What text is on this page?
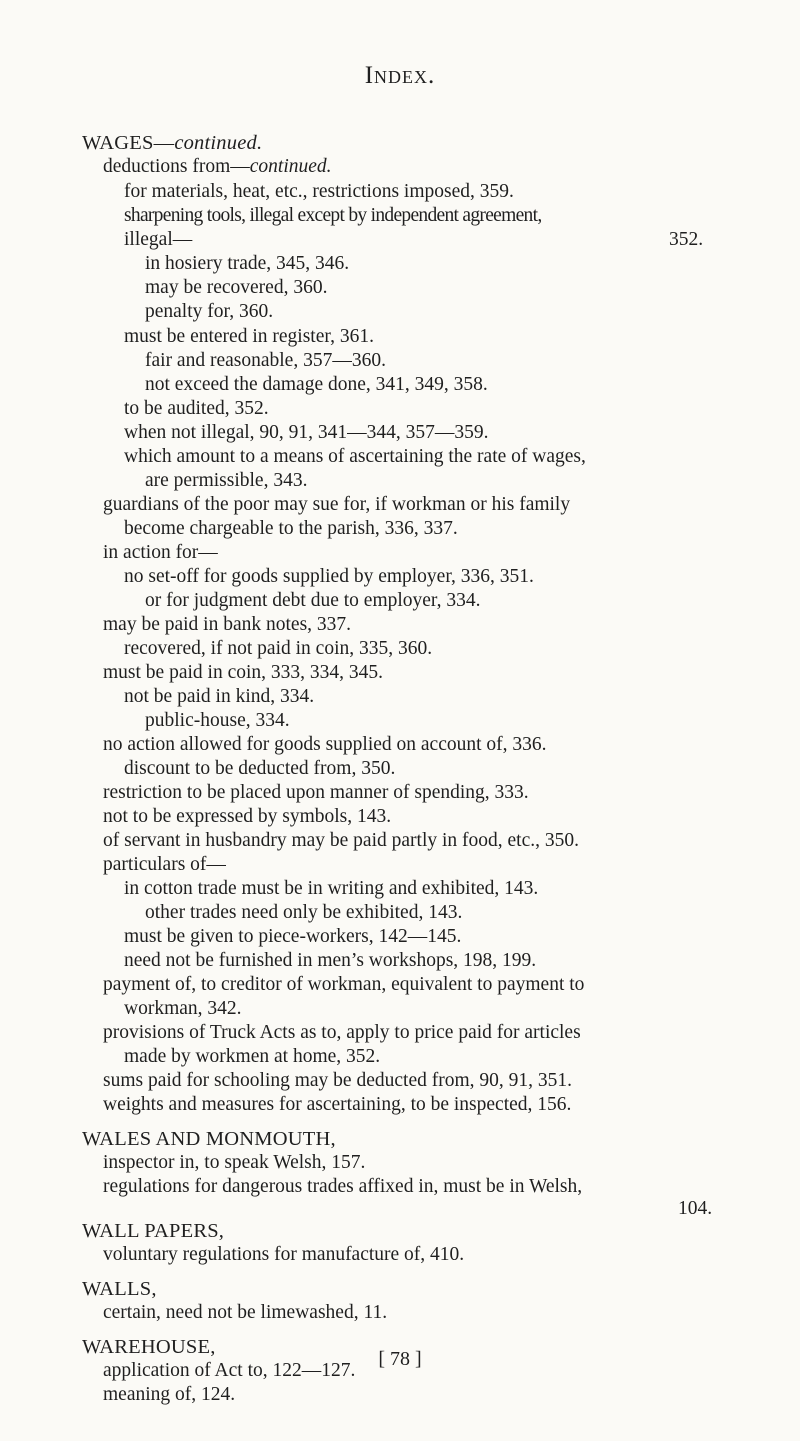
Index.
WAGES—continued.
deductions from—continued.
for materials, heat, etc., restrictions imposed, 359.
sharpening tools, illegal except by independent agreement,
illegal—	352.
in hosiery trade, 345, 346.
may be recovered, 360.
penalty for, 360.
must be entered in register, 361.
fair and reasonable, 357—360.
not exceed the damage done, 341, 349, 358.
to be audited, 352.
when not illegal, 90, 91, 341—344, 357—359.
which amount to a means of ascertaining the rate of wages,
are permissible, 343.
guardians of the poor may sue for, if workman or his family
become chargeable to the parish, 336, 337.
in action for—
no set-off for goods supplied by employer, 336, 351.
or for judgment debt due to employer, 334.
may be paid in bank notes, 337.
recovered, if not paid in coin, 335, 360.
must be paid in coin, 333, 334, 345.
not be paid in kind, 334.
public-house, 334.
no action allowed for goods supplied on account of, 336.
discount to be deducted from, 350.
restriction to be placed upon manner of spending, 333.
not to be expressed by symbols, 143.
of servant in husbandry may be paid partly in food, etc., 350.
particulars of—
in cotton trade must be in writing and exhibited, 143.
other trades need only be exhibited, 143.
must be given to piece-workers, 142—145.
need not be furnished in men’s workshops, 198, 199.
payment of, to creditor of workman, equivalent to payment to
workman, 342.
provisions of Truck Acts as to, apply to price paid for articles
made by workmen at home, 352.
sums paid for schooling may be deducted from, 90, 91, 351.
weights and measures for ascertaining, to be inspected, 156.
WALES AND MONMOUTH,
inspector in, to speak Welsh, 157.
regulations for dangerous trades affixed in, must be in Welsh,
104.
WALL PAPERS,
voluntary regulations for manufacture of, 410.
WALLS,
certain, need not be limewashed, 11.
WAREHOUSE,
application of Act to, 122—127.
meaning of, 124.
[ 78 ]
